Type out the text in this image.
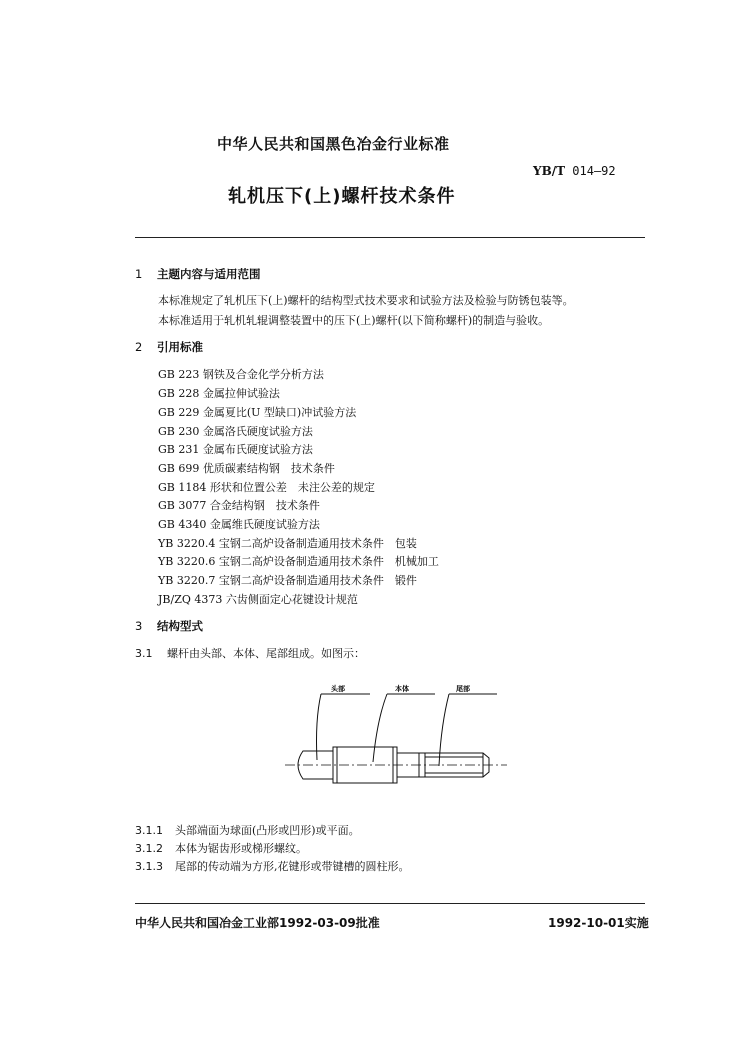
中华人民共和国黑色冶金行业标准
YB/T 014—92
轧机压下(上)螺杆技术条件
1 主题内容与适用范围
本标准规定了轧机压下(上)螺杆的结构型式技术要求和试验方法及检验与防锈包装等。
本标准适用于轧机轧辊调整装置中的压下(上)螺杆(以下简称螺杆)的制造与验收。
2 引用标准
GB 223 钢铁及合金化学分析方法
GB 228 金属拉伸试验法
GB 229 金属夏比(U 型缺口)冲试验方法
GB 230 金属洛氏硬度试验方法
GB 231 金属布氏硬度试验方法
GB 699 优质碳素结构钢　技术条件
GB 1184 形状和位置公差　未注公差的规定
GB 3077 合金结构钢　技术条件
GB 4340 金属维氏硬度试验方法
YB 3220.4 宝钢二高炉设备制造通用技术条件　包装
YB 3220.6 宝钢二高炉设备制造通用技术条件　机械加工
YB 3220.7 宝钢二高炉设备制造通用技术条件　锻件
JB/ZQ 4373 六齿侧面定心花键设计规范
3 结构型式
3.1 螺杆由头部、本体、尾部组成。如图示：
头部	本体	尾部
3.1.1 头部端面为球面(凸形或凹形)或平面。
3.1.2 本体为锯齿形或梯形螺纹。
3.1.3 尾部的传动端为方形,花键形或带键槽的圆柱形。
中华人民共和国冶金工业部1992-03-09批准	1992-10-01实施
